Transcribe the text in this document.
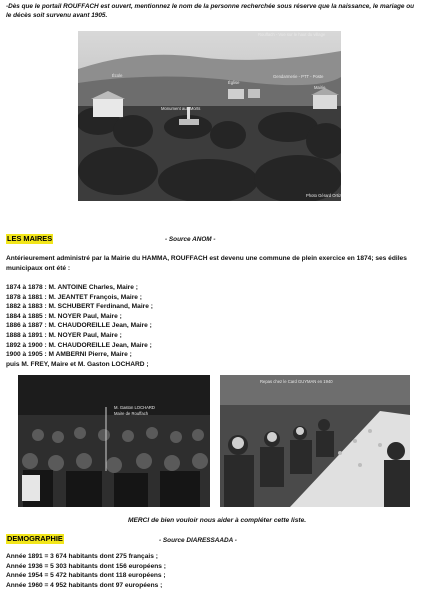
-Dès que le portail ROUFFACH est ouvert, mentionnez le nom de la personne recherchée sous réserve que la naissance, le mariage ou le décès soit survenu avant 1905.
Rouffach - Vue sur le haut du village
École
Monument aux Morts
Église
Mairie
Gendarmerie - PTT - Poste
Photo Gérard Ortiz
LES MAIRES	- Source ANOM -
Antérieurement administré par la Mairie du HAMMA, ROUFFACH est devenu une commune de plein exercice en 1874; ses édiles municipaux ont été :
1874 à 1878 : M. ANTOINE Charles, Maire ;
1878 à 1881 : M. JEANTET François, Maire ;
1882 à 1883 : M. SCHUBERT Ferdinand, Maire ;
1884 à 1885 : M. NOYER Paul, Maire ;
1886 à 1887 : M. CHAUDOREILLE Jean, Maire ;
1888 à 1891 : M. NOYER Paul, Maire ;
1892 à 1900 : M. CHAUDOREILLE Jean, Maire ;
1900 à 1905 : M AMBERNI Pierre, Maire ;
puis M. FREY, Maire et M. Gaston LOCHARD ;
M. Gaston LOCHARD
Maire de Rouffach
Repas chez le Card GUYMAN en 1940
MERCI de bien vouloir nous aider à compléter cette liste.
DEMOGRAPHIE	- Source DIARESSAADA -
Année 1891 = 3 674 habitants dont 275 français ;
Année 1936 = 5 303 habitants dont 156 européens ;
Année 1954 = 5 472 habitants dont 118 européens ;
Année 1960 = 4 952 habitants dont 97 européens ;
